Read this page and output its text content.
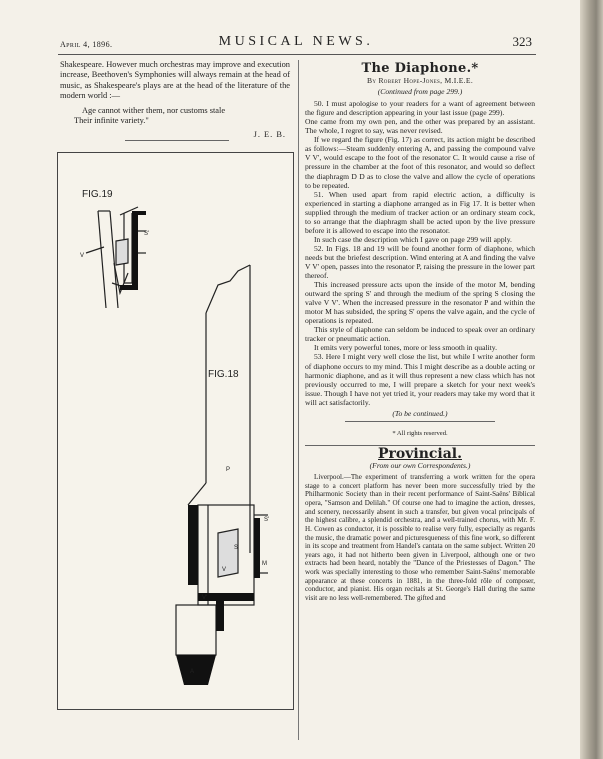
April 4, 1896.	MUSICAL NEWS.	323

Shakespeare. However much orchestras may improve and execution increase, Beethoven's Symphonies will always remain at the head of music, as Shakespeare's plays are at the head of the literature of the modern world :—

Age cannot wither them, nor customs stale
Their infinite variety."
J. E. B.
FIG.19
S'
V
FIG.18
P
S'
V
S
M
V'
A
The Diaphone.*
By Robert Hope-Jones, M.I.E.E.
(Continued from page 299.)

50. I must apologise to your readers for a want of agreement between the figure and description appearing in your last issue (page 299).

One came from my own pen, and the other was prepared by an assistant. The whole, I regret to say, was never revised.

If we regard the figure (Fig. 17) as correct, its action might be described as follows:—Steam suddenly entering A, and passing the compound valve V V', would escape to the foot of the resonator C. It would cause a rise of pressure in the chamber at the foot of this resonator, and would so deflect the diaphragm D D as to close the valve and allow the cycle of operations to be repeated.

51. When used apart from rapid electric action, a difficulty is experienced in starting a diaphone arranged as in Fig 17. It is better when supplied through the medium of tracker action or an ordinary steam cock, to so arrange that the diaphragm shall be acted upon by the live pressure before it is allowed to escape into the resonator.

In such case the description which I gave on page 299 will apply.

52. In Figs. 18 and 19 will be found another form of diaphone, which needs but the briefest description. Wind entering at A and finding the valve V V' open, passes into the resonator P, raising the pressure in the lower part thereof.

This increased pressure acts upon the inside of the motor M, bending outward the spring S' and through the medium of the spring S closing the valve V V'. When the increased pressure in the resonator P and within the motor M has subsided, the spring S' opens the valve again, and the cycle of operations is repeated.

This style of diaphone can seldom be induced to speak over an ordinary tracker or pneumatic action.

It emits very powerful tones, more or less smooth in quality.

53. Here I might very well close the list, but while I write another form of diaphone occurs to my mind. This I might describe as a double acting or harmonic diaphone, and as it will thus represent a new class which has not previously occurred to me, I will prepare a sketch for your next week's issue. Though I have not yet tried it, your readers may take my word that it will act satisfactorily.

(To be continued.)
* All rights reserved.
Provincial.
(From our own Correspondents.)

Liverpool.—The experiment of transferring a work written for the opera stage to a concert platform has never been more successfully tried by the Philharmonic Society than in their recent performance of Saint-Saëns' Biblical opera, "Samson and Delilah." Of course one had to imagine the action, dresses, and scenery, necessarily absent in such a transfer, but given vocal principals of the highest calibre, a splendid orchestra, and a well-trained chorus, with Mr. F. H. Cowen as conductor, it is possible to realise very fully, especially as regards the music, the dramatic power and picturesqueness of this fine work, so different in its scope and treatment from Handel's cantata on the same subject. Written 20 years ago, it had not hitherto been given in Liverpool, although one or two extracts had been heard, notably the "Dance of the Priestesses of Dagon." The work was specially interesting to those who remember Saint-Saëns' memorable appearance at these concerts in 1881, in the three-fold rôle of composer, conductor, and pianist. His organ recitals at St. George's Hall during the same visit are no less well-remembered. The gifted and
